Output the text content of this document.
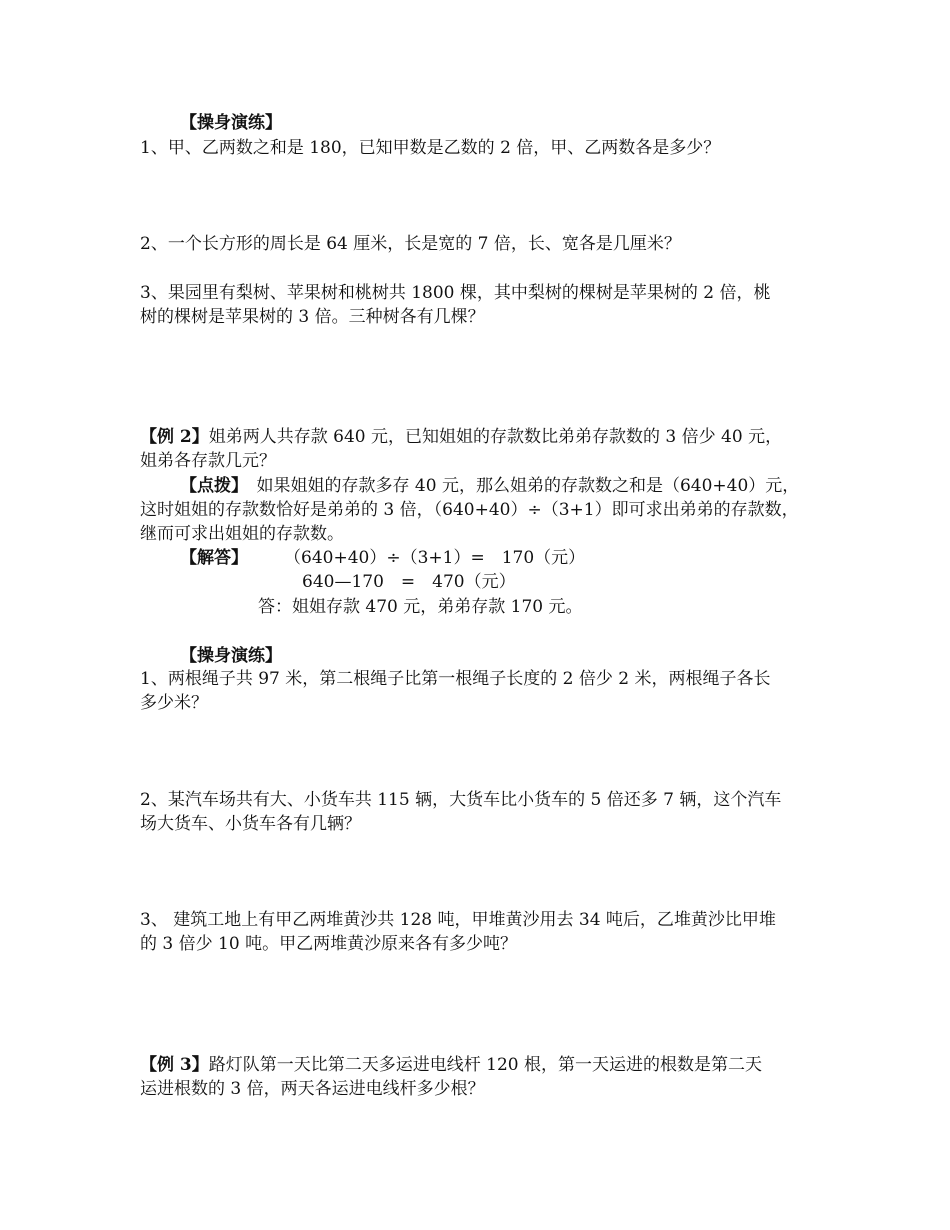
【操身演练】
1、甲、乙两数之和是 180，已知甲数是乙数的 2 倍，甲、乙两数各是多少？
2、一个长方形的周长是 64 厘米，长是宽的 7 倍，长、宽各是几厘米？
3、果园里有梨树、苹果树和桃树共 1800 棵，其中梨树的棵树是苹果树的 2 倍，桃
树的棵树是苹果树的 3 倍。三种树各有几棵？
【例 2】姐弟两人共存款 640 元，已知姐姐的存款数比弟弟存款数的 3 倍少 40 元，
姐弟各存款几元？
【点拨】　如果姐姐的存款多存 40 元，那么姐弟的存款数之和是（640+40）元，
这时姐姐的存款数恰好是弟弟的 3 倍，（640+40）÷（3+1）即可求出弟弟的存款数，
继而可求出姐姐的存款数。
【解答】 （640+40）÷（3+1）=　170（元）
640—170　=　470（元）
答：姐姐存款 470 元，弟弟存款 170 元。
【操身演练】
1、两根绳子共 97 米，第二根绳子比第一根绳子长度的 2 倍少 2 米，两根绳子各长
多少米？
2、某汽车场共有大、小货车共 115 辆，大货车比小货车的 5 倍还多 7 辆，这个汽车
场大货车、小货车各有几辆？
3、 建筑工地上有甲乙两堆黄沙共 128 吨，甲堆黄沙用去 34 吨后，乙堆黄沙比甲堆
的 3 倍少 10 吨。甲乙两堆黄沙原来各有多少吨？
【例 3】路灯队第一天比第二天多运进电线杆 120 根，第一天运进的根数是第二天
运进根数的 3 倍，两天各运进电线杆多少根？
